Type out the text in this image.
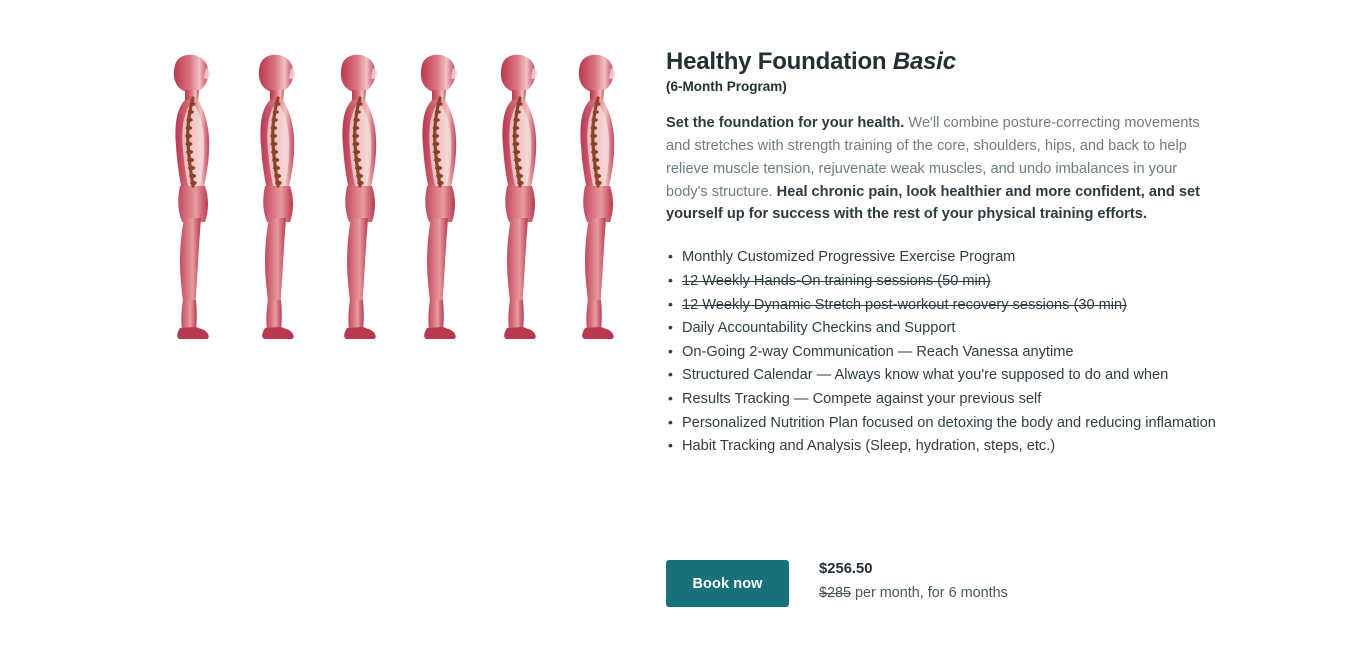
Healthy Foundation Basic
(6-Month Program)

Set the foundation for your health. We'll combine posture-correcting movements and stretches with strength training of the core, shoulders, hips, and back to help relieve muscle tension, rejuvenate weak muscles, and undo imbalances in your body's structure. Heal chronic pain, look healthier and more confident, and set yourself up for success with the rest of your physical training efforts.

• Monthly Customized Progressive Exercise Program
• 12 Weekly Hands-On training sessions (50 min)
• 12 Weekly Dynamic Stretch post-workout recovery sessions (30 min)
• Daily Accountability Checkins and Support
• On-Going 2-way Communication — Reach Vanessa anytime
• Structured Calendar — Always know what you're supposed to do and when
• Results Tracking — Compete against your previous self
• Personalized Nutrition Plan focused on detoxing the body and reducing inflamation
• Habit Tracking and Analysis (Sleep, hydration, steps, etc.)
Book now
$256.50
$285 per month, for 6 months
